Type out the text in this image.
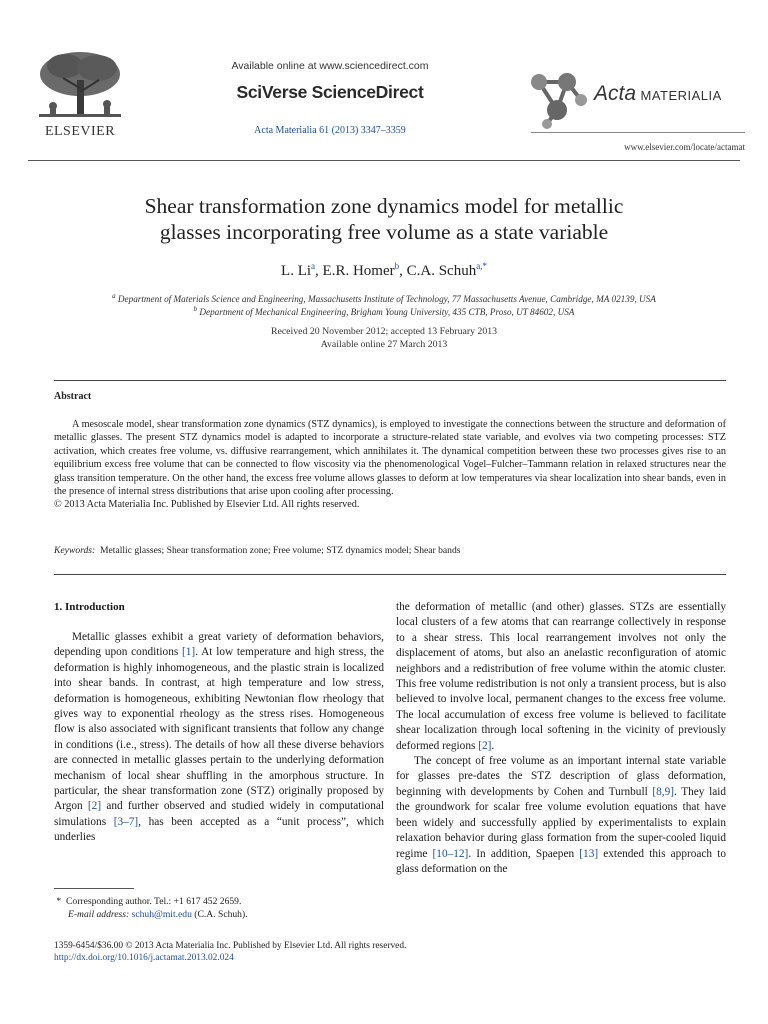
ELSEVIER
Available online at www.sciencedirect.com
SciVerse ScienceDirect
Acta Materialia 61 (2013) 3347–3359
Acta MATERIALIA
www.elsevier.com/locate/actamat
Shear transformation zone dynamics model for metallic
glasses incorporating free volume as a state variable
L. Li$^a$, E.R. Homer$^b$, C.A. Schuh$^{a,*}$
$^a$ Department of Materials Science and Engineering, Massachusetts Institute of Technology, 77 Massachusetts Avenue, Cambridge, MA 02139, USA
$^b$ Department of Mechanical Engineering, Brigham Young University, 435 CTB, Proso, UT 84602, USA
Received 20 November 2012; accepted 13 February 2013
Available online 27 March 2013
Abstract

A mesoscale model, shear transformation zone dynamics (STZ dynamics), is employed to investigate the connections between the structure and deformation of metallic glasses. The present STZ dynamics model is adapted to incorporate a structure-related state variable, and evolves via two competing processes: STZ activation, which creates free volume, vs. diffusive rearrangement, which annihilates it. The dynamical competition between these two processes gives rise to an equilibrium excess free volume that can be connected to flow viscosity via the phenomenological Vogel–Fulcher–Tammann relation in relaxed structures near the glass transition temperature. On the other hand, the excess free volume allows glasses to deform at low temperatures via shear localization into shear bands, even in the presence of internal stress distributions that arise upon cooling after processing.

© 2013 Acta Materialia Inc. Published by Elsevier Ltd. All rights reserved.

Keywords: Metallic glasses; Shear transformation zone; Free volume; STZ dynamics model; Shear bands
1. Introduction

Metallic glasses exhibit a great variety of deformation behaviors, depending upon conditions [1]. At low temperature and high stress, the deformation is highly inhomogeneous, and the plastic strain is localized into shear bands. In contrast, at high temperature and low stress, deformation is homogeneous, exhibiting Newtonian flow rheology that gives way to exponential rheology as the stress rises. Homogeneous flow is also associated with significant transients that follow any change in conditions (i.e., stress). The details of how all these diverse behaviors are connected in metallic glasses pertain to the underlying deformation mechanism of local shear shuffling in the amorphous structure. In particular, the shear transformation zone (STZ) originally proposed by Argon [2] and further observed and studied widely in computational simulations [3–7], has been accepted as a “unit process”, which underlies

the deformation of metallic (and other) glasses. STZs are essentially local clusters of a few atoms that can rearrange collectively in response to a shear stress. This local rearrangement involves not only the displacement of atoms, but also an anelastic reconfiguration of atomic neighbors and a redistribution of free volume within the atomic cluster. This free volume redistribution is not only a transient process, but is also believed to involve local, permanent changes to the excess free volume. The local accumulation of excess free volume is believed to facilitate shear localization through local softening in the vicinity of previously deformed regions [2].

The concept of free volume as an important internal state variable for glasses pre-dates the STZ description of glass deformation, beginning with developments by Cohen and Turnbull [8,9]. They laid the groundwork for scalar free volume evolution equations that have been widely and successfully applied by experimentalists to explain relaxation behavior during glass formation from the super-cooled liquid regime [10–12]. In addition, Spaepen [13] extended this approach to glass deformation on the

* Corresponding author. Tel.: +1 617 452 2659.
E-mail address: schuh@mit.edu (C.A. Schuh).
1359-6454/$36.00 © 2013 Acta Materialia Inc. Published by Elsevier Ltd. All rights reserved.
http://dx.doi.org/10.1016/j.actamat.2013.02.024
